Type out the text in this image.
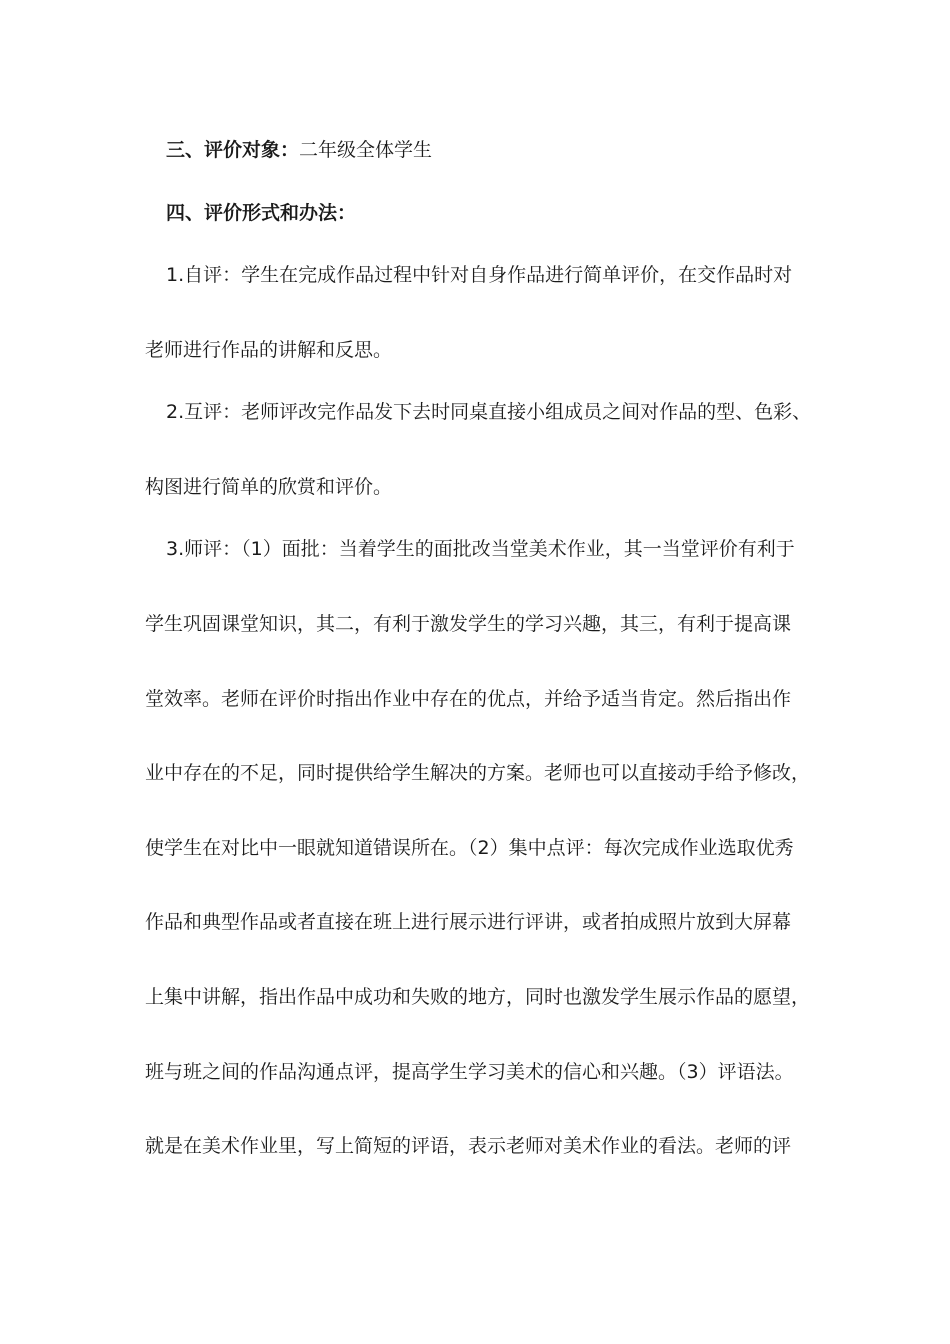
三、评价对象：二年级全体学生
四、评价形式和办法：
1.自评：学生在完成作品过程中针对自身作品进行简单评价，在交作品时对
老师进行作品的讲解和反思。
2.互评：老师评改完作品发下去时同桌直接小组成员之间对作品的型、色彩、
构图进行简单的欣赏和评价。
3.师评：（1）面批：当着学生的面批改当堂美术作业，其一当堂评价有利于
学生巩固课堂知识，其二，有利于激发学生的学习兴趣，其三，有利于提高课
堂效率。老师在评价时指出作业中存在的优点，并给予适当肯定。然后指出作
业中存在的不足，同时提供给学生解决的方案。老师也可以直接动手给予修改，
使学生在对比中一眼就知道错误所在。（2）集中点评：每次完成作业选取优秀
作品和典型作品或者直接在班上进行展示进行评讲，或者拍成照片放到大屏幕
上集中讲解，指出作品中成功和失败的地方，同时也激发学生展示作品的愿望，
班与班之间的作品沟通点评，提高学生学习美术的信心和兴趣。（3）评语法。
就是在美术作业里，写上简短的评语，表示老师对美术作业的看法。老师的评
